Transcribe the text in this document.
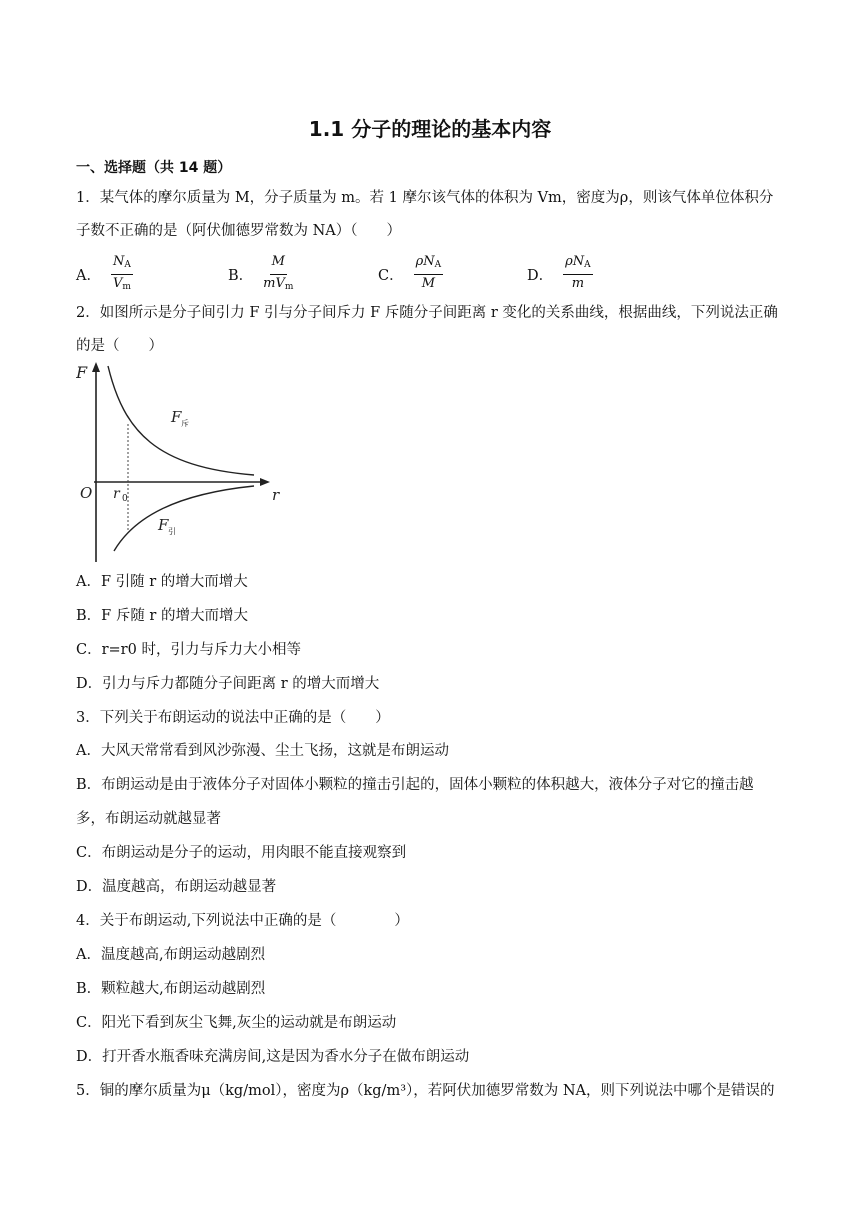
1.1 分子的理论的基本内容
一、选择题（共 14 题）
1．某气体的摩尔质量为 M，分子质量为 m。若 1 摩尔该气体的体积为 Vm，密度为ρ，则该气体单位体积分
子数不正确的是（阿伏伽德罗常数为 NA）（　　）
A． $\frac{N_A}{V_m}$	B． $\frac{M}{mV_m}$	C． $\frac{\rho N_A}{M}$	D． $\frac{\rho N_A}{m}$
2．如图所示是分子间引力 F 引与分子间斥力 F 斥随分子间距离 r 变化的关系曲线，根据曲线，下列说法正确
的是（　　）
F
r
O r 0
F 斥
F 引
A．F 引随 r 的增大而增大
B．F 斥随 r 的增大而增大
C．r=r0 时，引力与斥力大小相等
D．引力与斥力都随分子间距离 r 的增大而增大
3．下列关于布朗运动的说法中正确的是（　　）
A．大风天常常看到风沙弥漫、尘土飞扬，这就是布朗运动
B．布朗运动是由于液体分子对固体小颗粒的撞击引起的，固体小颗粒的体积越大，液体分子对它的撞击越
多，布朗运动就越显著
C．布朗运动是分子的运动，用肉眼不能直接观察到
D．温度越高，布朗运动越显著
4．关于布朗运动,下列说法中正确的是（　　　　）
A．温度越高,布朗运动越剧烈
B．颗粒越大,布朗运动越剧烈
C．阳光下看到灰尘飞舞,灰尘的运动就是布朗运动
D．打开香水瓶香味充满房间,这是因为香水分子在做布朗运动
5．铜的摩尔质量为μ（kg/mol），密度为ρ（kg/m³），若阿伏加德罗常数为 NA，则下列说法中哪个是错误的
